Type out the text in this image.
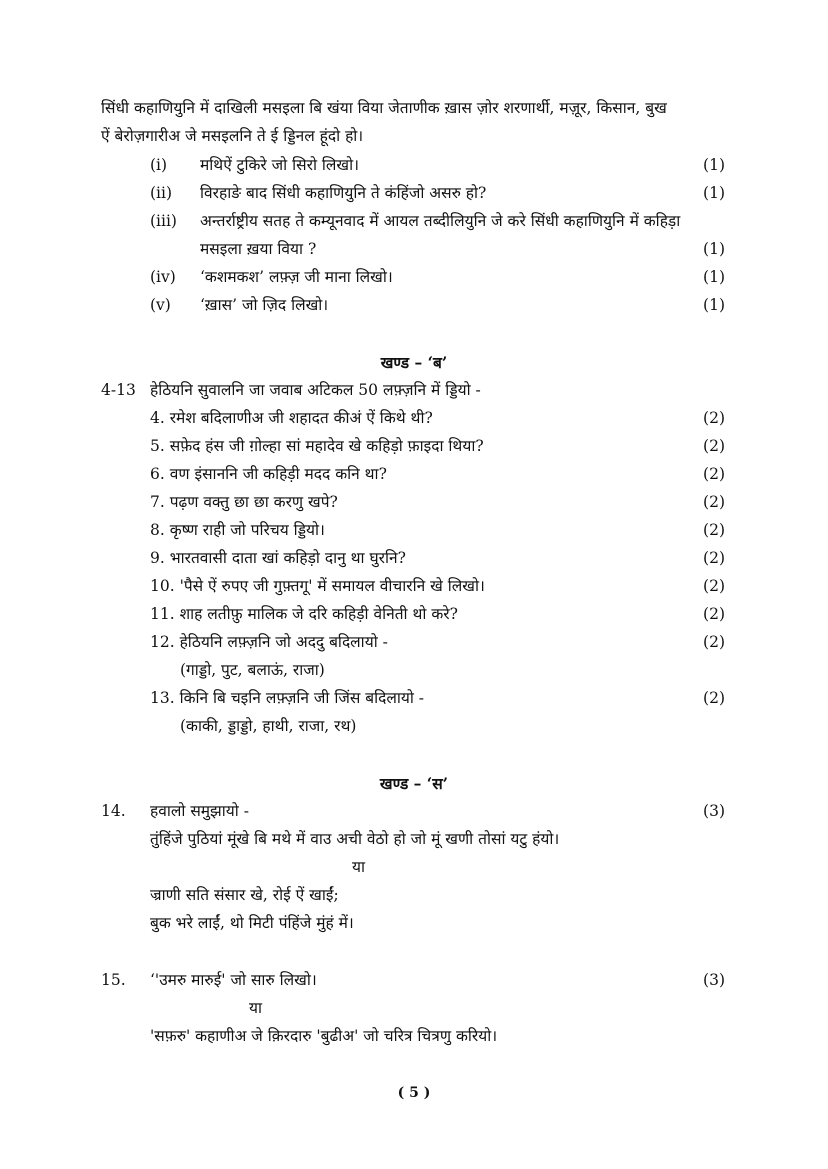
सिंधी कहाणियुनि में दाखिली मसइला बि खंया विया जेताणीक ख़ास ज़ोर शरणार्थी, मज़ूर, किसान, बुख
ऐं बेरोज़गारीअ जे मसइलनि ते ई ड्डिनल हूंदो हो।
(i) मथिऐं टुकिरे जो सिरो लिखो।	(1)
(ii) विरहाङे बाद सिंधी कहाणियुनि ते कंहिंजो असरु हो?	(1)
(iii) अन्तर्राष्ट्रीय सतह ते कम्यूनवाद में आयल तब्दीलियुनि जे करे सिंधी कहाणियुनि में कहिड़ा
मसइला ख़या विया ?	(1)
(iv) ‘कशमकश’ लफ़्ज़ जी माना लिखो।	(1)
(v) ‘ख़ास’ जो ज़िद लिखो।	(1)
खण्ड – ‘ब’
4-13 हेठियनि सुवालनि जा जवाब अटिकल 50 लफ़्ज़नि में ड्डियो -
4. रमेश बदिलाणीअ जी शहादत कीअं ऐं किथे थी?	(2)
5. सफ़ेद हंस जी ग़ोल्हा सां महादेव खे कहिड़ो फ़ाइदा थिया?	(2)
6. वण इंसाननि जी कहिड़ी मदद कनि था?	(2)
7. पढ़ण वक्तु छा छा करणु खपे?	(2)
8. कृष्ण राही जो परिचय ड्डियो।	(2)
9. भारतवासी दाता खां कहिड़ो दानु था घुरनि?	(2)
10. 'पैसे ऐं रुपए जी गुफ़्तगू' में समायल वीचारनि खे लिखो।	(2)
11. शाह लतीफ़ु मालिक जे दरि कहिड़ी वेनिती थो करे?	(2)
12. हेठियनि लफ़्ज़नि जो अददु बदिलायो -	(2)
(गाड्डो, पुट, बलाऊं, राजा)
13. किनि बि चइनि लफ़्ज़नि जी जिंस बदिलायो -	(2)
(काकी, ड्डाड्डो, हाथी, राजा, रथ)
खण्ड – ‘स’
14. हवालो समुझायो -	(3)
तुंहिंजे पुठियां मूंखे बि मथे में वाउ अची वेठो हो जो मूं खणी तोसां यटु हंयो।
या
ज्राणी सति संसार खे, रोई ऐं खाईं;
बुक भरे लाईं, थो मिटी पंहिंजे मुंहं में।
15. ‘'उमरु मारुई' जो सारु लिखो।	(3)
या
'सफ़रु' कहाणीअ जे क़िरदारु 'बुढीअ' जो चरित्र चित्रणु करियो।
( 5 )
